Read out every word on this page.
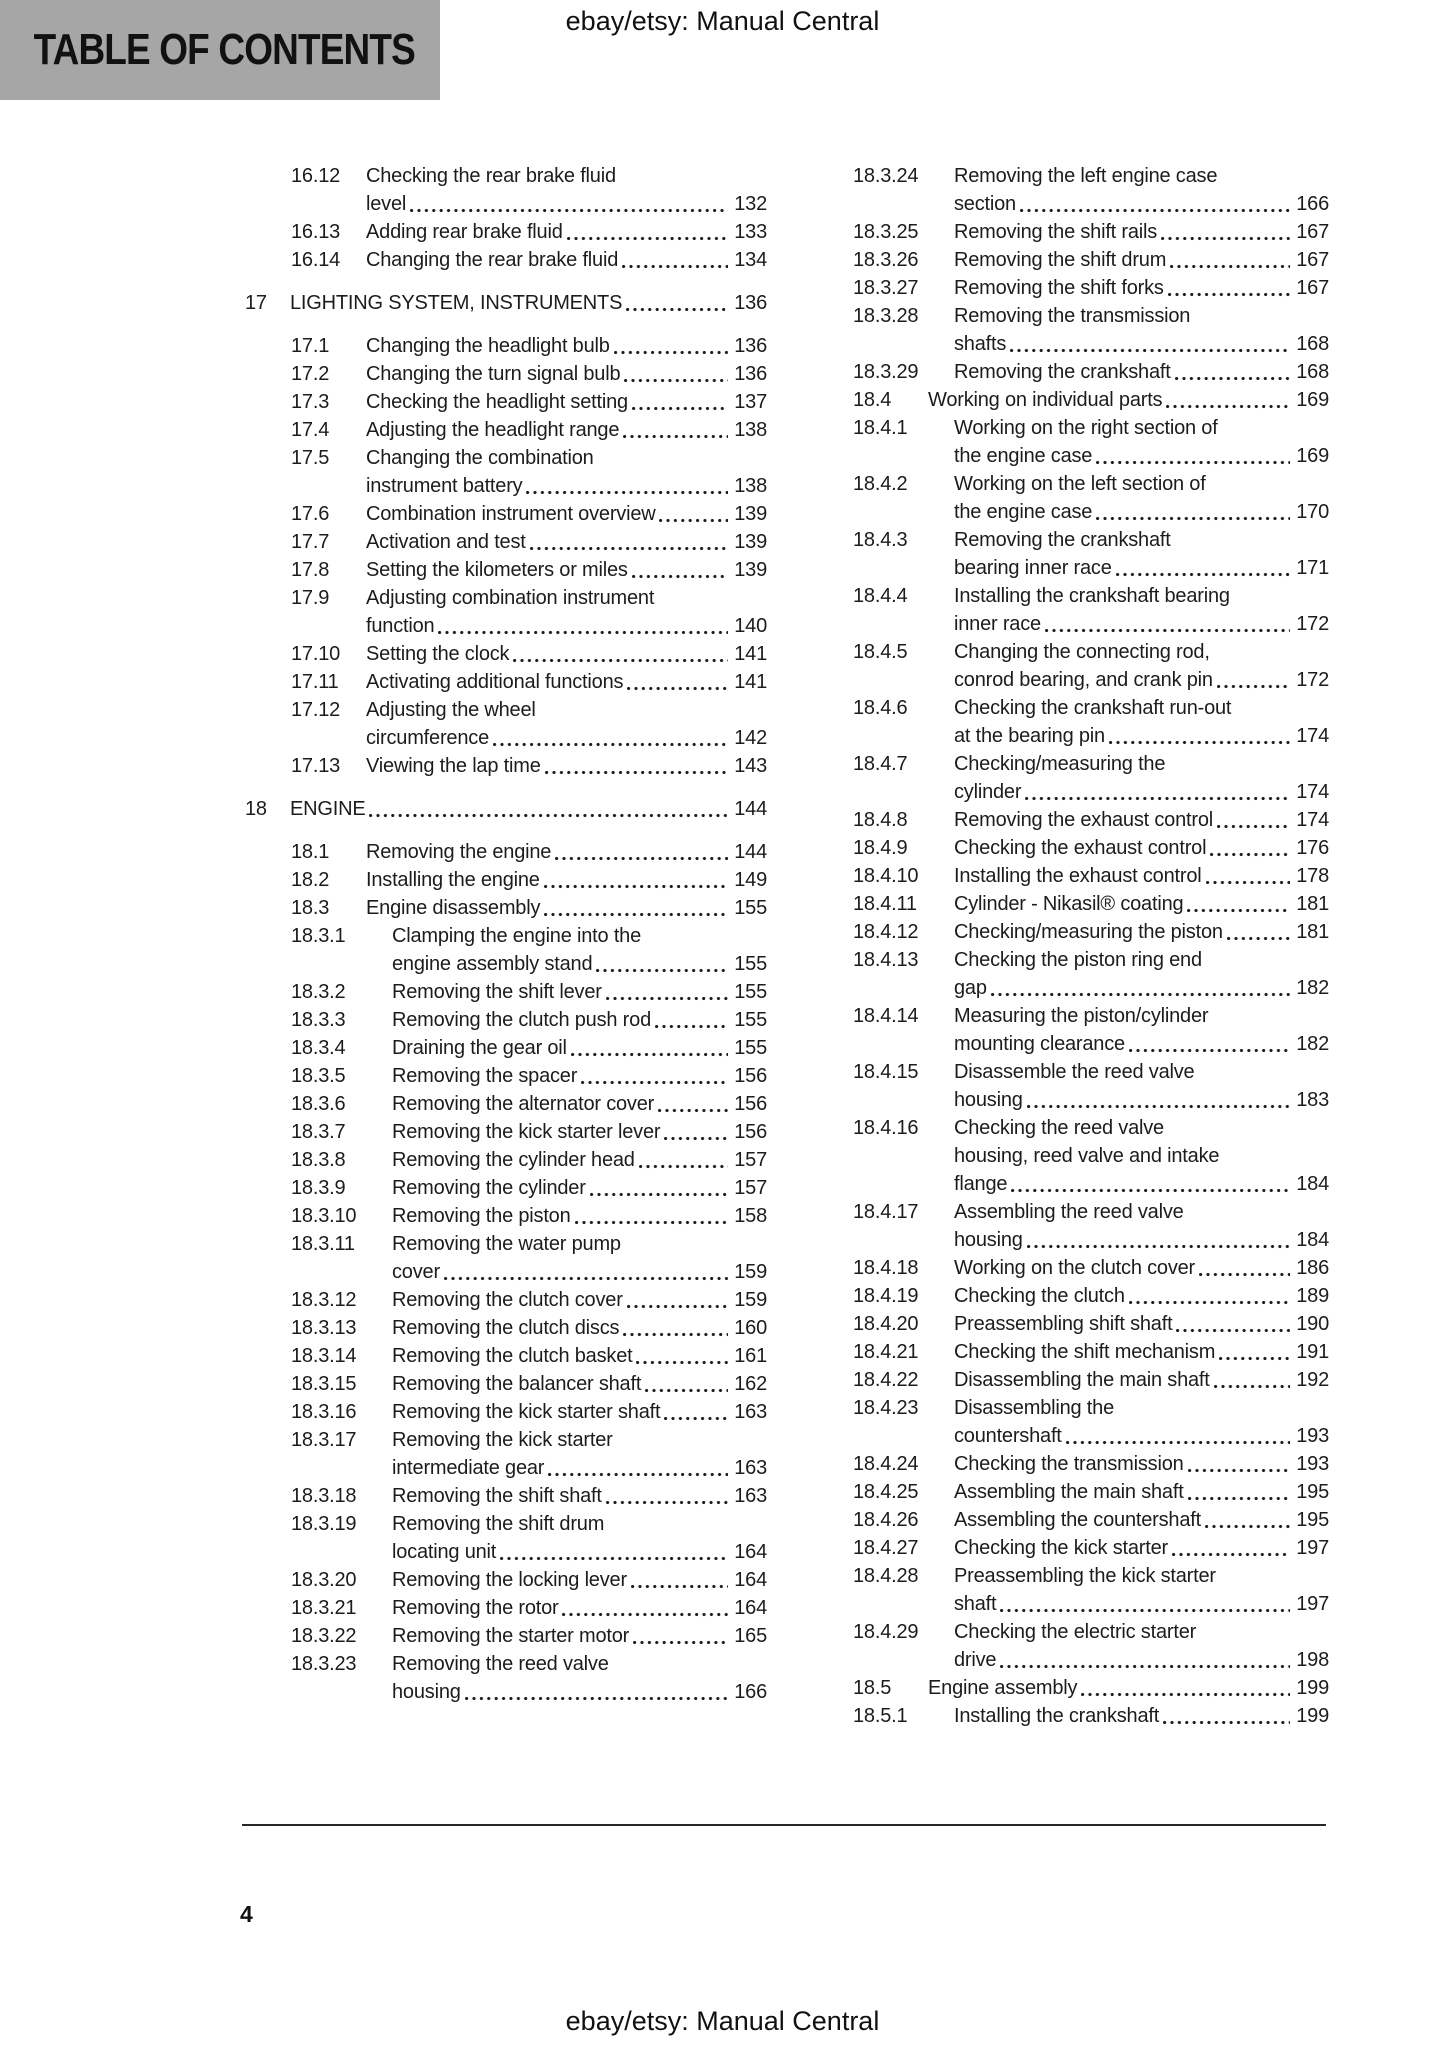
TABLE OF CONTENTS
ebay/etsy: Manual Central
16.12	Checking the rear brake fluid
level	132
16.13	Adding rear brake fluid	133
16.14	Changing the rear brake fluid	134
17	LIGHTING SYSTEM, INSTRUMENTS	136
17.1	Changing the headlight bulb	136
17.2	Changing the turn signal bulb	136
17.3	Checking the headlight setting	137
17.4	Adjusting the headlight range	138
17.5	Changing the combination
instrument battery	138
17.6	Combination instrument overview	139
17.7	Activation and test	139
17.8	Setting the kilometers or miles	139
17.9	Adjusting combination instrument
function	140
17.10	Setting the clock	141
17.11	Activating additional functions	141
17.12	Adjusting the wheel
circumference	142
17.13	Viewing the lap time	143
18	ENGINE	144
18.1	Removing the engine	144
18.2	Installing the engine	149
18.3	Engine disassembly	155
18.3.1	Clamping the engine into the
engine assembly stand	155
18.3.2	Removing the shift lever	155
18.3.3	Removing the clutch push rod	155
18.3.4	Draining the gear oil	155
18.3.5	Removing the spacer	156
18.3.6	Removing the alternator cover	156
18.3.7	Removing the kick starter lever	156
18.3.8	Removing the cylinder head	157
18.3.9	Removing the cylinder	157
18.3.10	Removing the piston	158
18.3.11	Removing the water pump
cover	159
18.3.12	Removing the clutch cover	159
18.3.13	Removing the clutch discs	160
18.3.14	Removing the clutch basket	161
18.3.15	Removing the balancer shaft	162
18.3.16	Removing the kick starter shaft	163
18.3.17	Removing the kick starter
intermediate gear	163
18.3.18	Removing the shift shaft	163
18.3.19	Removing the shift drum
locating unit	164
18.3.20	Removing the locking lever	164
18.3.21	Removing the rotor	164
18.3.22	Removing the starter motor	165
18.3.23	Removing the reed valve
housing	166
18.3.24	Removing the left engine case
section	166
18.3.25	Removing the shift rails	167
18.3.26	Removing the shift drum	167
18.3.27	Removing the shift forks	167
18.3.28	Removing the transmission
shafts	168
18.3.29	Removing the crankshaft	168
18.4	Working on individual parts	169
18.4.1	Working on the right section of
the engine case	169
18.4.2	Working on the left section of
the engine case	170
18.4.3	Removing the crankshaft
bearing inner race	171
18.4.4	Installing the crankshaft bearing
inner race	172
18.4.5	Changing the connecting rod,
conrod bearing, and crank pin	172
18.4.6	Checking the crankshaft run-out
at the bearing pin	174
18.4.7	Checking/measuring the
cylinder	174
18.4.8	Removing the exhaust control	174
18.4.9	Checking the exhaust control	176
18.4.10	Installing the exhaust control	178
18.4.11	Cylinder - Nikasil® coating	181
18.4.12	Checking/measuring the piston	181
18.4.13	Checking the piston ring end
gap	182
18.4.14	Measuring the piston/cylinder
mounting clearance	182
18.4.15	Disassemble the reed valve
housing	183
18.4.16	Checking the reed valve
housing, reed valve and intake
flange	184
18.4.17	Assembling the reed valve
housing	184
18.4.18	Working on the clutch cover	186
18.4.19	Checking the clutch	189
18.4.20	Preassembling shift shaft	190
18.4.21	Checking the shift mechanism	191
18.4.22	Disassembling the main shaft	192
18.4.23	Disassembling the
countershaft	193
18.4.24	Checking the transmission	193
18.4.25	Assembling the main shaft	195
18.4.26	Assembling the countershaft	195
18.4.27	Checking the kick starter	197
18.4.28	Preassembling the kick starter
shaft	197
18.4.29	Checking the electric starter
drive	198
18.5	Engine assembly	199
18.5.1	Installing the crankshaft	199
4
ebay/etsy: Manual Central
